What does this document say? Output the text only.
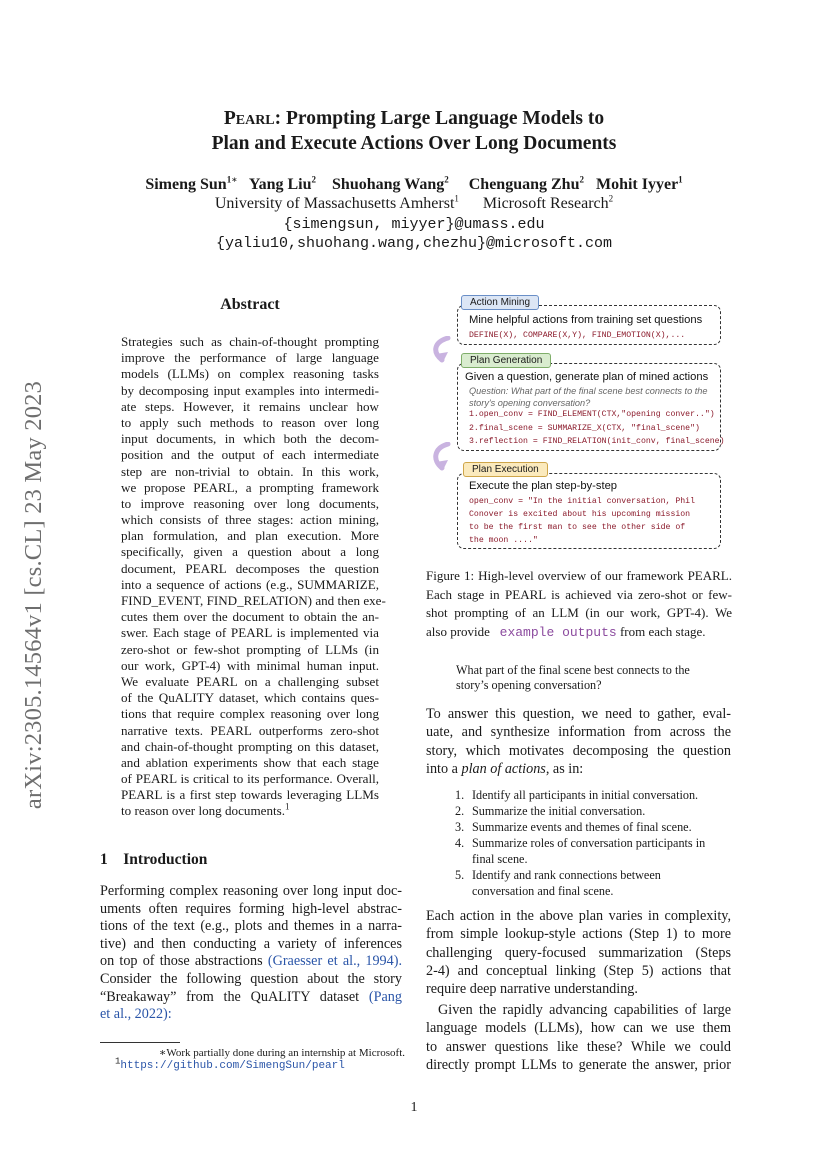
Pearl: Prompting Large Language Models to
Plan and Execute Actions Over Long Documents
Simeng Sun$^{1∗}$ Yang Liu$^2$ Shuohang Wang$^2$ Chenguang Zhu$^2$ Mohit Iyyer$^1$
University of Massachusetts Amherst$^1$ Microsoft Research$^2$
{simengsun, miyyer}@umass.edu
{yaliu10,shuohang.wang,chezhu}@microsoft.com
arXiv:2305.14564v1 [cs.CL] 23 May 2023
Abstract
Strategies such as chain-of-thought prompting
improve the performance of large language
models (LLMs) on complex reasoning tasks
by decomposing input examples into intermedi-
ate steps. However, it remains unclear how
to apply such methods to reason over long
input documents, in which both the decom-
position and the output of each intermediate
step are non-trivial to obtain. In this work,
we propose PEARL, a prompting framework
to improve reasoning over long documents,
which consists of three stages: action mining,
plan formulation, and plan execution. More
specifically, given a question about a long
document, PEARL decomposes the question
into a sequence of actions (e.g., SUMMARIZE,
FIND_EVENT, FIND_RELATION) and then exe-
cutes them over the document to obtain the an-
swer. Each stage of PEARL is implemented via
zero-shot or few-shot prompting of LLMs (in
our work, GPT-4) with minimal human input.
We evaluate PEARL on a challenging subset
of the QuALITY dataset, which contains ques-
tions that require complex reasoning over long
narrative texts. PEARL outperforms zero-shot
and chain-of-thought prompting on this dataset,
and ablation experiments show that each stage
of PEARL is critical to its performance. Overall,
PEARL is a first step towards leveraging LLMs
to reason over long documents.$^1$
1 Introduction
Performing complex reasoning over long input doc-
uments often requires forming high-level abstrac-
tions of the text (e.g., plots and themes in a narra-
tive) and then conducting a variety of inferences
on top of those abstractions (Graesser et al., 1994).
Consider the following question about the story
“Breakaway” from the QuALITY dataset (Pang
et al., 2022):
∗Work partially done during an internship at Microsoft.
$^1$https://github.com/SimengSun/pearl
1
Action Mining
Mine helpful actions from training set questions
DEFINE(X), COMPARE(X,Y), FIND_EMOTION(X),...
Plan Generation
Given a question, generate plan of mined actions
Question: What part of the final scene best connects to the
story's opening conversation?
1.open_conv = FIND_ELEMENT(CTX,"opening conver..")
2.final_scene = SUMMARIZE_X(CTX, "final_scene")
3.reflection = FIND_RELATION(init_conv, final_scene)
Plan Execution
Execute the plan step-by-step
open_conv = "In the initial conversation, Phil
Conover is excited about his upcoming mission
to be the first man to see the other side of
the moon ...."
Figure 1: High-level overview of our framework PEARL.
Each stage in PEARL is achieved via zero-shot or few-
shot prompting of an LLM (in our work, GPT-4). We
also provide example outputs from each stage.
What part of the final scene best connects to the
story’s opening conversation?
To answer this question, we need to gather, eval-
uate, and synthesize information from across the
story, which motivates decomposing the question
into a plan of actions, as in:
1. Identify all participants in initial conversation.
2. Summarize the initial conversation.
3. Summarize events and themes of final scene.
4. Summarize roles of conversation participants in final scene.
5. Identify and rank connections between conversation and final scene.
Each action in the above plan varies in complexity,
from simple lookup-style actions (Step 1) to more
challenging query-focused summarization (Steps
2-4) and conceptual linking (Step 5) actions that
require deep narrative understanding.
Given the rapidly advancing capabilities of large
language models (LLMs), how can we use them
to answer questions like these? While we could
directly prompt LLMs to generate the answer, prior
